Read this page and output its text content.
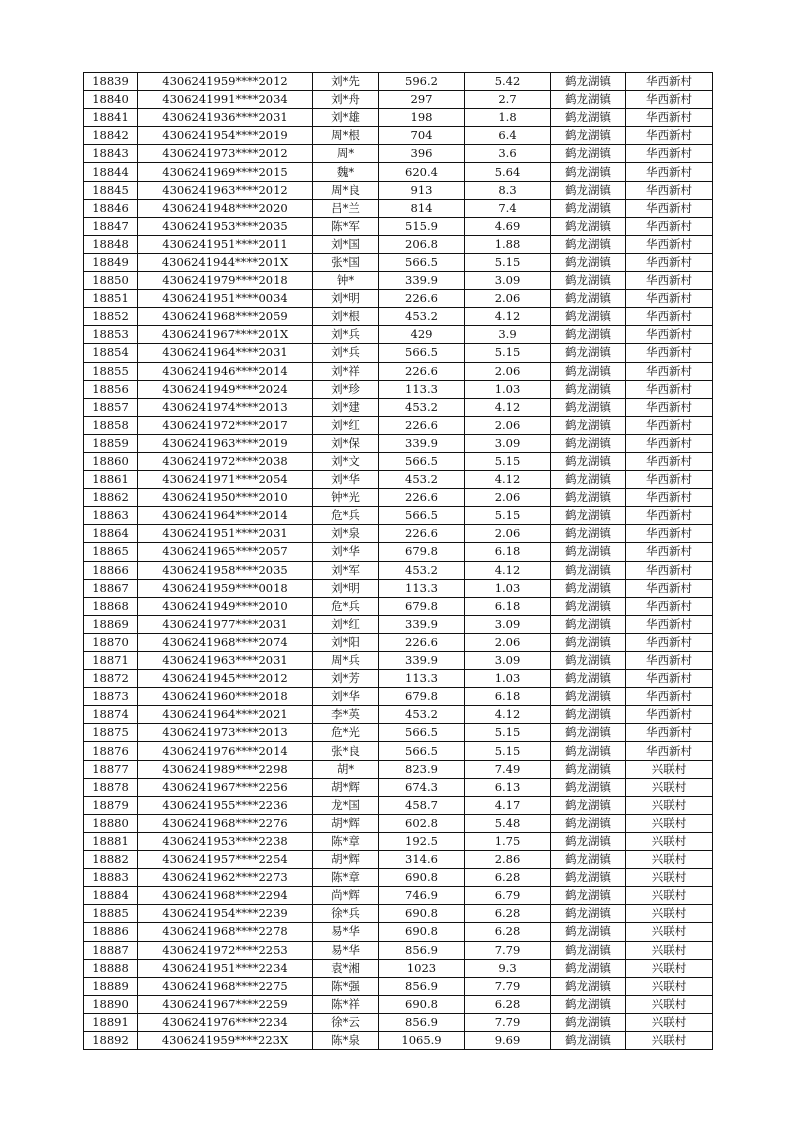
18839	4306241959****2012	刘*先	596.2	5.42	鹤龙湖镇	华西新村
18840	4306241991****2034	刘*舟	297	2.7	鹤龙湖镇	华西新村
18841	4306241936****2031	刘*雄	198	1.8	鹤龙湖镇	华西新村
18842	4306241954****2019	周*根	704	6.4	鹤龙湖镇	华西新村
18843	4306241973****2012	周*	396	3.6	鹤龙湖镇	华西新村
18844	4306241969****2015	魏*	620.4	5.64	鹤龙湖镇	华西新村
18845	4306241963****2012	周*良	913	8.3	鹤龙湖镇	华西新村
18846	4306241948****2020	吕*兰	814	7.4	鹤龙湖镇	华西新村
18847	4306241953****2035	陈*军	515.9	4.69	鹤龙湖镇	华西新村
18848	4306241951****2011	刘*国	206.8	1.88	鹤龙湖镇	华西新村
18849	4306241944****201X	张*国	566.5	5.15	鹤龙湖镇	华西新村
18850	4306241979****2018	钟*	339.9	3.09	鹤龙湖镇	华西新村
18851	4306241951****0034	刘*明	226.6	2.06	鹤龙湖镇	华西新村
18852	4306241968****2059	刘*根	453.2	4.12	鹤龙湖镇	华西新村
18853	4306241967****201X	刘*兵	429	3.9	鹤龙湖镇	华西新村
18854	4306241964****2031	刘*兵	566.5	5.15	鹤龙湖镇	华西新村
18855	4306241946****2014	刘*祥	226.6	2.06	鹤龙湖镇	华西新村
18856	4306241949****2024	刘*珍	113.3	1.03	鹤龙湖镇	华西新村
18857	4306241974****2013	刘*建	453.2	4.12	鹤龙湖镇	华西新村
18858	4306241972****2017	刘*红	226.6	2.06	鹤龙湖镇	华西新村
18859	4306241963****2019	刘*保	339.9	3.09	鹤龙湖镇	华西新村
18860	4306241972****2038	刘*文	566.5	5.15	鹤龙湖镇	华西新村
18861	4306241971****2054	刘*华	453.2	4.12	鹤龙湖镇	华西新村
18862	4306241950****2010	钟*光	226.6	2.06	鹤龙湖镇	华西新村
18863	4306241964****2014	危*兵	566.5	5.15	鹤龙湖镇	华西新村
18864	4306241951****2031	刘*泉	226.6	2.06	鹤龙湖镇	华西新村
18865	4306241965****2057	刘*华	679.8	6.18	鹤龙湖镇	华西新村
18866	4306241958****2035	刘*军	453.2	4.12	鹤龙湖镇	华西新村
18867	4306241959****0018	刘*明	113.3	1.03	鹤龙湖镇	华西新村
18868	4306241949****2010	危*兵	679.8	6.18	鹤龙湖镇	华西新村
18869	4306241977****2031	刘*红	339.9	3.09	鹤龙湖镇	华西新村
18870	4306241968****2074	刘*阳	226.6	2.06	鹤龙湖镇	华西新村
18871	4306241963****2031	周*兵	339.9	3.09	鹤龙湖镇	华西新村
18872	4306241945****2012	刘*芳	113.3	1.03	鹤龙湖镇	华西新村
18873	4306241960****2018	刘*华	679.8	6.18	鹤龙湖镇	华西新村
18874	4306241964****2021	李*英	453.2	4.12	鹤龙湖镇	华西新村
18875	4306241973****2013	危*光	566.5	5.15	鹤龙湖镇	华西新村
18876	4306241976****2014	张*良	566.5	5.15	鹤龙湖镇	华西新村
18877	4306241989****2298	胡*	823.9	7.49	鹤龙湖镇	兴联村
18878	4306241967****2256	胡*辉	674.3	6.13	鹤龙湖镇	兴联村
18879	4306241955****2236	龙*国	458.7	4.17	鹤龙湖镇	兴联村
18880	4306241968****2276	胡*辉	602.8	5.48	鹤龙湖镇	兴联村
18881	4306241953****2238	陈*章	192.5	1.75	鹤龙湖镇	兴联村
18882	4306241957****2254	胡*辉	314.6	2.86	鹤龙湖镇	兴联村
18883	4306241962****2273	陈*章	690.8	6.28	鹤龙湖镇	兴联村
18884	4306241968****2294	尚*辉	746.9	6.79	鹤龙湖镇	兴联村
18885	4306241954****2239	徐*兵	690.8	6.28	鹤龙湖镇	兴联村
18886	4306241968****2278	易*华	690.8	6.28	鹤龙湖镇	兴联村
18887	4306241972****2253	易*华	856.9	7.79	鹤龙湖镇	兴联村
18888	4306241951****2234	袁*湘	1023	9.3	鹤龙湖镇	兴联村
18889	4306241968****2275	陈*强	856.9	7.79	鹤龙湖镇	兴联村
18890	4306241967****2259	陈*祥	690.8	6.28	鹤龙湖镇	兴联村
18891	4306241976****2234	徐*云	856.9	7.79	鹤龙湖镇	兴联村
18892	4306241959****223X	陈*泉	1065.9	9.69	鹤龙湖镇	兴联村
